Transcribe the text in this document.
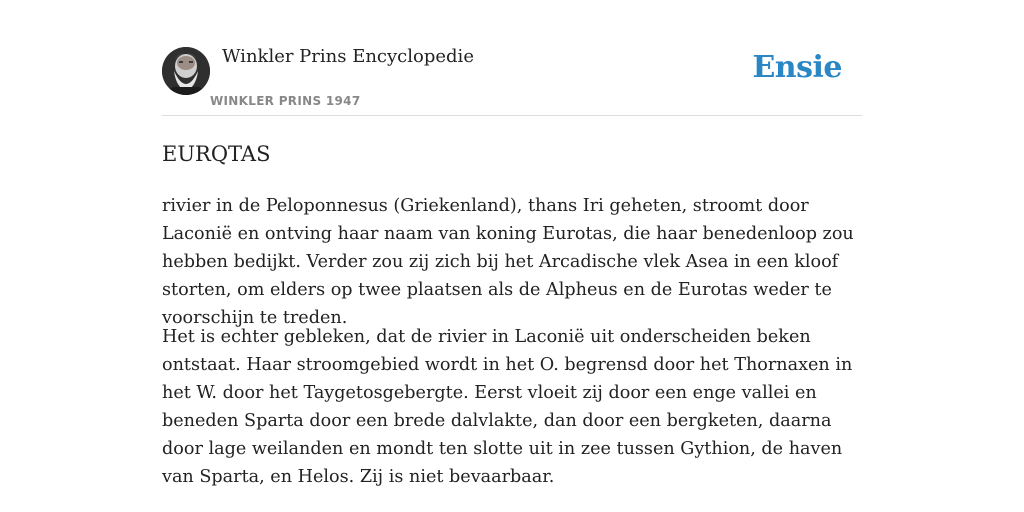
Winkler Prins Encyclopedie
WINKLER PRINS 1947
Ensie
EURQTAS

rivier in de Peloponnesus (Griekenland), thans Iri geheten, stroomt door Laconië en ontving haar naam van koning Eurotas, die haar benedenloop zou hebben bedijkt. Verder zou zij zich bij het Arcadische vlek Asea in een kloof storten, om elders op twee plaatsen als de Alpheus en de Eurotas weder te voorschijn te treden.

Het is echter gebleken, dat de rivier in Laconië uit onderscheiden beken ontstaat. Haar stroomgebied wordt in het O. begrensd door het Thornaxen in het W. door het Taygetosgebergte. Eerst vloeit zij door een enge vallei en beneden Sparta door een brede dalvlakte, dan door een bergketen, daarna door lage weilanden en mondt ten slotte uit in zee tussen Gythion, de haven van Sparta, en Helos. Zij is niet bevaarbaar.
